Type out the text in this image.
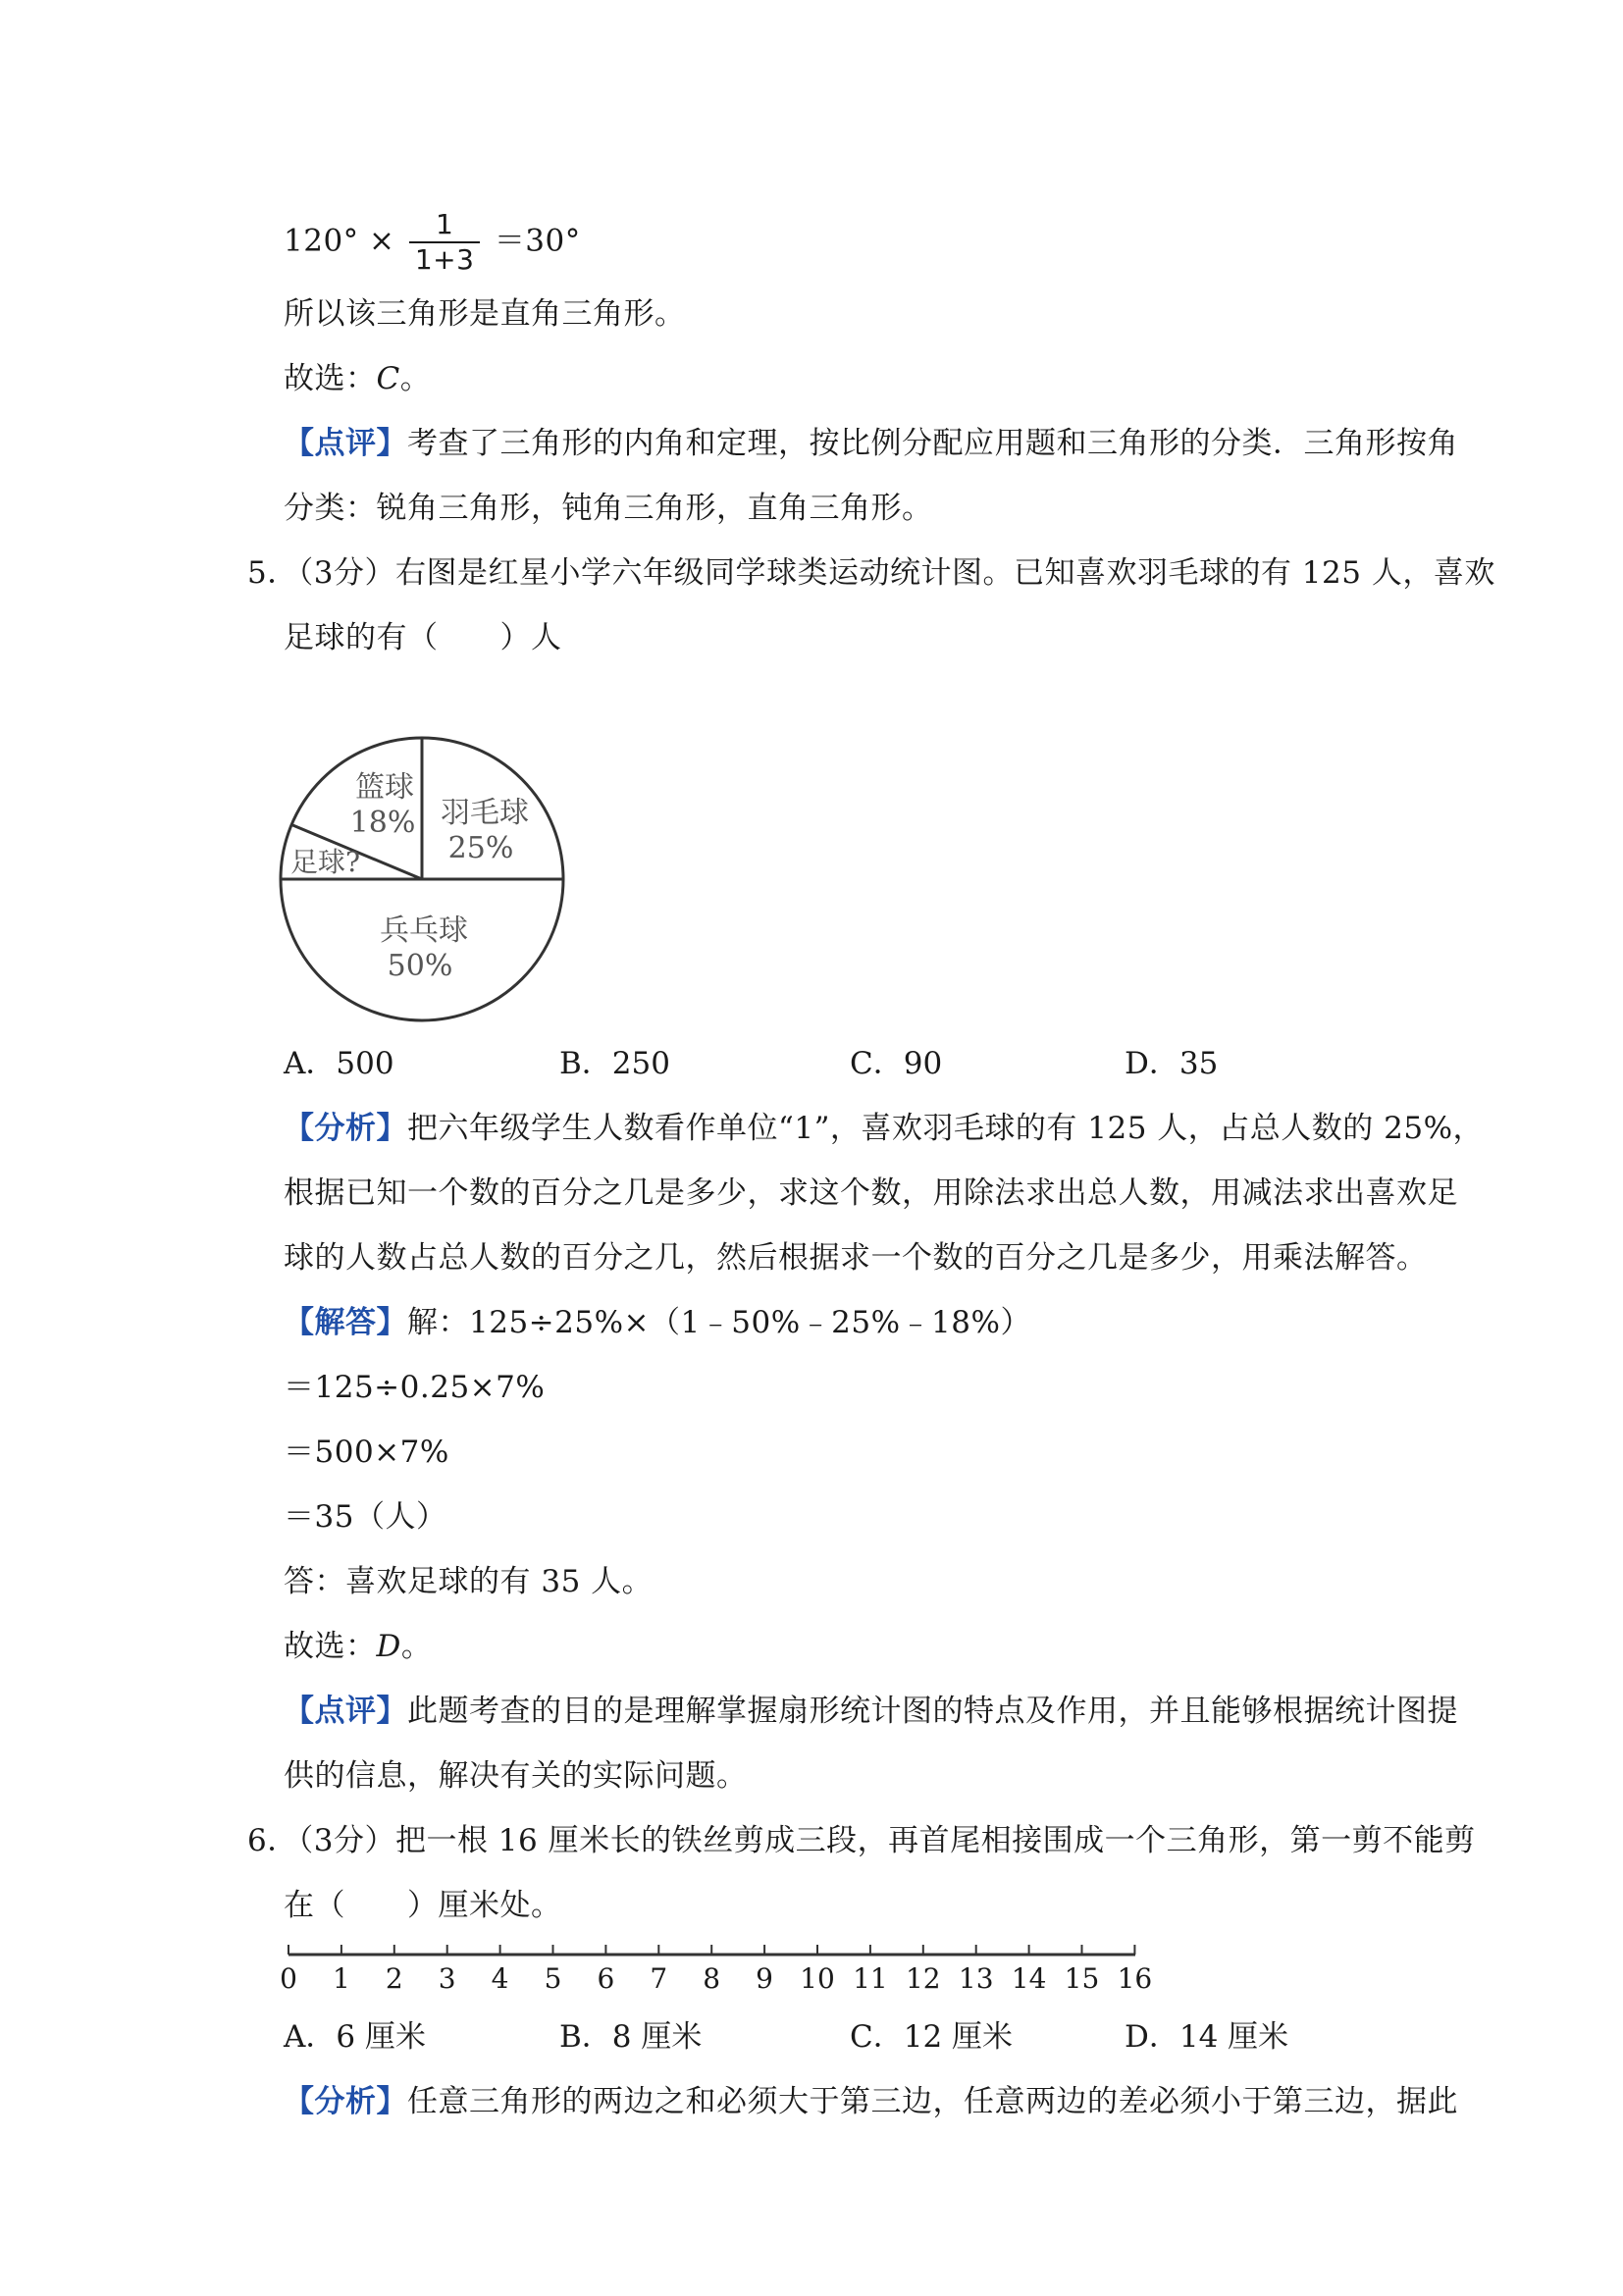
$120^\circ \times \frac{1}{1+3} =30^\circ$
所以该三角形是直角三角形。
故选：C。
【点评】考查了三角形的内角和定理，按比例分配应用题和三角形的分类．三角形按角
分类：锐角三角形，钝角三角形，直角三角形。
5．（3分）右图是红星小学六年级同学球类运动统计图。已知喜欢羽毛球的有 125 人，喜欢
足球的有（　　）人
羽毛球
25%
篮球
18%
足球?
兵乓球
50%
A．500	B．250	C．90	D．35
【分析】把六年级学生人数看作单位“1”，喜欢羽毛球的有 125 人，占总人数的 25%，
根据已知一个数的百分之几是多少，求这个数，用除法求出总人数，用减法求出喜欢足
球的人数占总人数的百分之几，然后根据求一个数的百分之几是多少，用乘法解答。
【解答】解：125÷25%×（1﹣50%﹣25%﹣18%）
＝125÷0.25×7%
＝500×7%
＝35（人）
答：喜欢足球的有 35 人。
故选：D。
【点评】此题考查的目的是理解掌握扇形统计图的特点及作用，并且能够根据统计图提
供的信息，解决有关的实际问题。
6．（3分）把一根 16 厘米长的铁丝剪成三段，再首尾相接围成一个三角形，第一剪不能剪
在（　　）厘米处。
0 1 2 3 4 5 6 7 8 9 10 11 12 13 14 15 16
A．6 厘米	B．8 厘米	C．12 厘米	D．14 厘米
【分析】任意三角形的两边之和必须大于第三边，任意两边的差必须小于第三边，据此
